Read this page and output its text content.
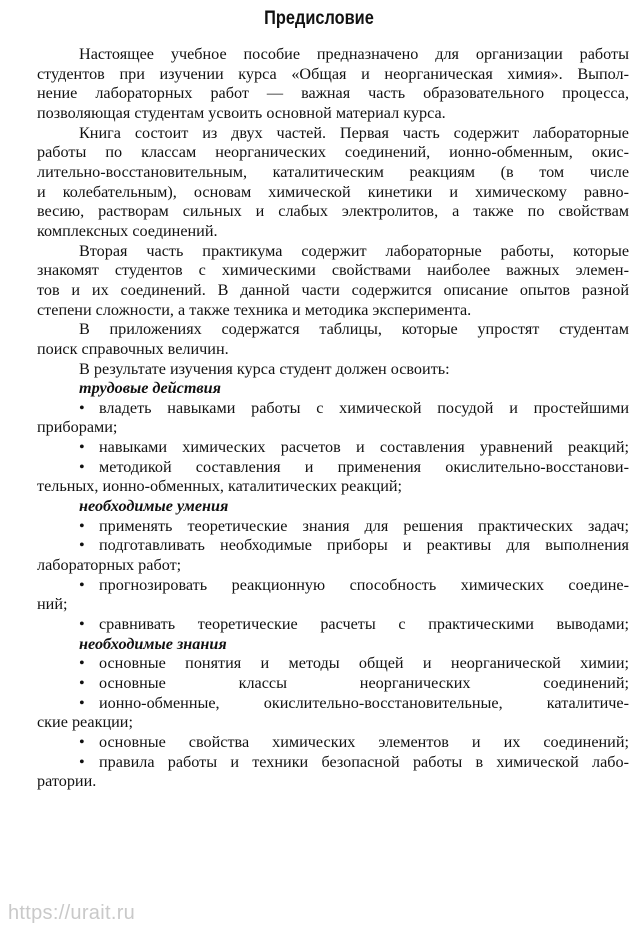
Предисловие

Настоящее учебное пособие предназначено для организации работы
студентов при изучении курса «Общая и неорганическая химия». Выпол-
нение лабораторных работ — важная часть образовательного процесса,
позволяющая студентам усвоить основной материал курса.

Книга состоит из двух частей. Первая часть содержит лабораторные
работы по классам неорганических соединений, ионно-обменным, окис-
лительно-восстановительным, каталитическим реакциям (в том числе
и колебательным), основам химической кинетики и химическому равно-
весию, растворам сильных и слабых электролитов, а также по свойствам
комплексных соединений.

Вторая часть практикума содержит лабораторные работы, которые
знакомят студентов с химическими свойствами наиболее важных элемен-
тов и их соединений. В данной части содержится описание опытов разной
степени сложности, а также техника и методика эксперимента.

В приложениях содержатся таблицы, которые упростят студентам
поиск справочных величин.

В результате изучения курса студент должен освоить:

трудовые действия

• владеть навыками работы с химической посудой и простейшими
приборами;

• навыками химических расчетов и составления уравнений реакций;

• методикой составления и применения окислительно-восстанови-
тельных, ионно-обменных, каталитических реакций;

необходимые умения

• применять теоретические знания для решения практических задач;

• подготавливать необходимые приборы и реактивы для выполнения
лабораторных работ;

• прогнозировать реакционную способность химических соедине-
ний;

• сравнивать теоретические расчеты с практическими выводами;

необходимые знания

• основные понятия и методы общей и неорганической химии;

• основные классы неорганических соединений;

• ионно-обменные, окислительно-восстановительные, каталитиче-
ские реакции;

• основные свойства химических элементов и их соединений;

• правила работы и техники безопасной работы в химической лабо-
ратории.

https://urait.ru
